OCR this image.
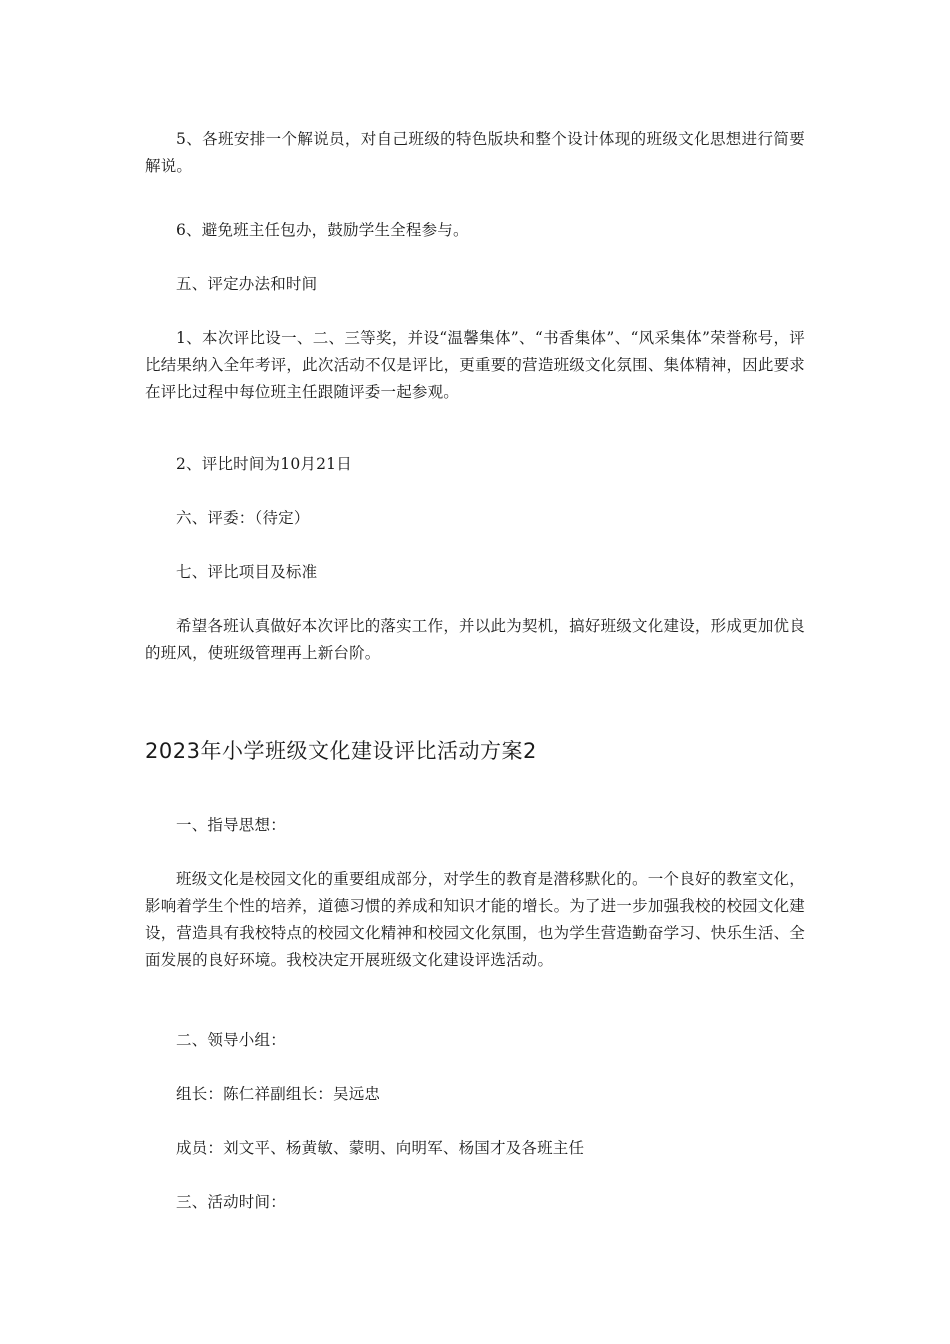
5、各班安排一个解说员，对自己班级的特色版块和整个设计体现的班级文化思想进行简要解说。

6、避免班主任包办，鼓励学生全程参与。

五、评定办法和时间

1、本次评比设一、二、三等奖，并设“温馨集体”、“书香集体”、“风采集体”荣誉称号，评比结果纳入全年考评，此次活动不仅是评比，更重要的营造班级文化氛围、集体精神，因此要求在评比过程中每位班主任跟随评委一起参观。

2、评比时间为10月21日

六、评委：（待定）

七、评比项目及标准

希望各班认真做好本次评比的落实工作，并以此为契机，搞好班级文化建设，形成更加优良的班风，使班级管理再上新台阶。

2023年小学班级文化建设评比活动方案2

一、指导思想：

班级文化是校园文化的重要组成部分，对学生的教育是潜移默化的。一个良好的教室文化，影响着学生个性的培养，道德习惯的养成和知识才能的增长。为了进一步加强我校的校园文化建设，营造具有我校特点的校园文化精神和校园文化氛围，也为学生营造勤奋学习、快乐生活、全面发展的良好环境。我校决定开展班级文化建设评选活动。

二、领导小组：

组长：陈仁祥副组长：吴远忠

成员：刘文平、杨黄敏、蒙明、向明军、杨国才及各班主任

三、活动时间：
